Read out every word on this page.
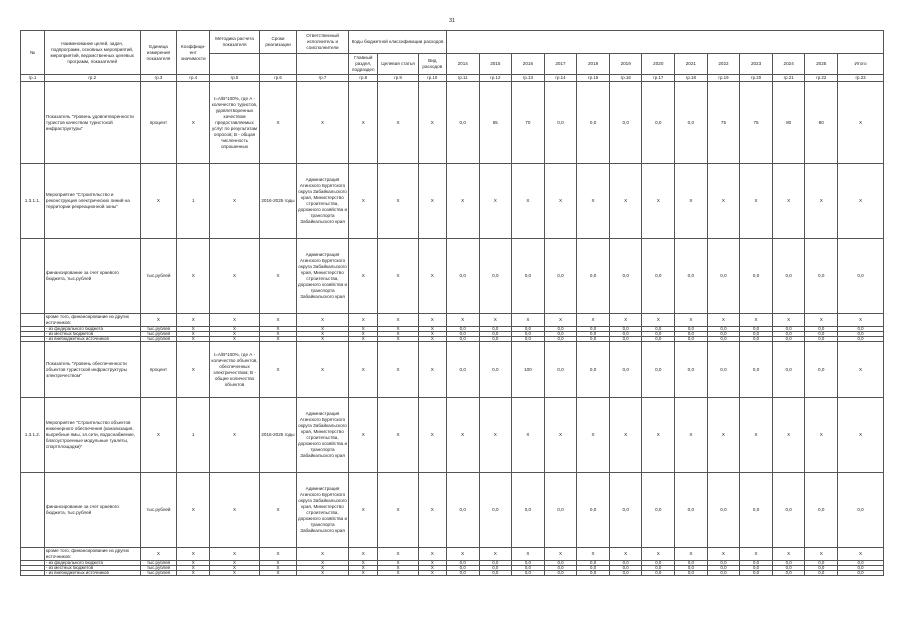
31
№	Наименование целей, задач, подпрограмм, основных мероприятий, мероприятий, ведомственных целевых программ, показателей	Единица измерения показателя	Коэффици-ент значимости	Методика расчета показателя	Сроки реализации	Ответственный исполнитель и соисполнители	Коды бюджетной классификации расходов															
							Главный раздел, подраздел	Целевая статья	Вид расходов	2014	2015	2016	2017	2018	2019	2020	2021	2022	2023	2024	2025	Итого
гр.1	гр.2	гр.3	гр.4	гр.5	гр.6	гр.7	гр.8	гр.9	гр.10	гр.11	гр.12	гр.13	гр.14	гр.15	гр.16	гр.17	гр.18	гр.19	гр.20	гр.21	гр.22	гр.23
	Показатель "Уровень удовлетворенности туристов качеством туристской инфраструктуры"	процент	Х	I=A/B*100%, где А - количество туристов, удовлетворенных качеством предоставляемых услуг по результатам опросов; В - общая численность опрошенных	Х	Х	Х	Х	Х	0,0	65	70	0,0	0,0	0,0	0,0	0,0	75	75	80	80	Х
1.3.1.1.	Мероприятие "Строительство и реконструкция электрических линий на территории рекреационной зоны"	Х	1	Х	2016-2025 годы	Администрация Агинского Бурятского округа Забайкальского края, Министерство строительства, дорожного хозяйства и транспорта Забайкальского края	Х	Х	Х	Х	Х	Х	Х	Х	Х	Х	Х	Х	Х	Х	Х	Х
	финансирование за счет краевого бюджета, тыс.рублей	тыс.рублей	Х	Х	Х	Администрация Агинского Бурятского округа Забайкальского края, Министерство строительства, дорожного хозяйства и транспорта Забайкальского края	Х	Х	Х	0,0	0,0	0,0	0,0	0,0	0,0	0,0	0,0	0,0	0,0	0,0	0,0	0,0
	кроме того, финансирование из других источников:	Х	Х	Х	Х	Х	Х	Х	Х	Х	Х	Х	Х	Х	Х	Х	Х	Х	Х	Х	Х	Х
	- из федерального бюджета	тыс.рублей	Х	Х	Х	Х	Х	Х	Х	0,0	0,0	0,0	0,0	0,0	0,0	0,0	0,0	0,0	0,0	0,0	0,0	0,0
	- из местных бюджетов	тыс.рублей	Х	Х	Х	Х	Х	Х	Х	0,0	0,0	0,0	0,0	0,0	0,0	0,0	0,0	0,0	0,0	0,0	0,0	0,0
	- из внебюджетных источников	тыс.рублей	Х	Х	Х	Х	Х	Х	Х	0,0	0,0	0,0	0,0	0,0	0,0	0,0	0,0	0,0	0,0	0,0	0,0	0,0
	Показатель "Уровень обеспеченности объектов туристской инфраструктуры электричеством"	процент	Х	I=A/B*100%, где А - количество объектов, обеспеченных электричеством; В - общее количество объектов	Х	Х	Х	Х	Х	0,0	0,0	100	0,0	0,0	0,0	0,0	0,0	0,0	0,0	0,0	0,0	Х
1.3.1.2.	Мероприятие "Строительство объектов инженерного обеспечения (канализация, выгребные ямы, эл.сети, водоснабжение, благоустроенные модульные туалеты, спортплощадки)"	Х	1	Х	2016-2025 годы	Администрация Агинского Бурятского округа Забайкальского края, Министерство строительства, дорожного хозяйства и транспорта Забайкальского края	Х	Х	Х	Х	Х	Х	Х	Х	Х	Х	Х	Х	Х	Х	Х	Х
	финансирование за счет краевого бюджета, тыс.рублей	тыс.рублей	Х	Х	Х	Администрация Агинского Бурятского округа Забайкальского края, Министерство строительства, дорожного хозяйства и транспорта Забайкальского края	Х	Х	Х	0,0	0,0	0,0	0,0	0,0	0,0	0,0	0,0	0,0	0,0	0,0	0,0	0,0
	кроме того, финансирование из других источников:	Х	Х	Х	Х	Х	Х	Х	Х	Х	Х	Х	Х	Х	Х	Х	Х	Х	Х	Х	Х	Х
	- из федерального бюджета	тыс.рублей	Х	Х	Х	Х	Х	Х	Х	0,0	0,0	0,0	0,0	0,0	0,0	0,0	0,0	0,0	0,0	0,0	0,0	0,0
	- из местных бюджетов	тыс.рублей	Х	Х	Х	Х	Х	Х	Х	0,0	0,0	0,0	0,0	0,0	0,0	0,0	0,0	0,0	0,0	0,0	0,0	0,0
	- из внебюджетных источников	тыс.рублей	Х	Х	Х	Х	Х	Х	Х	0,0	0,0	0,0	0,0	0,0	0,0	0,0	0,0	0,0	0,0	0,0	0,0	0,0
